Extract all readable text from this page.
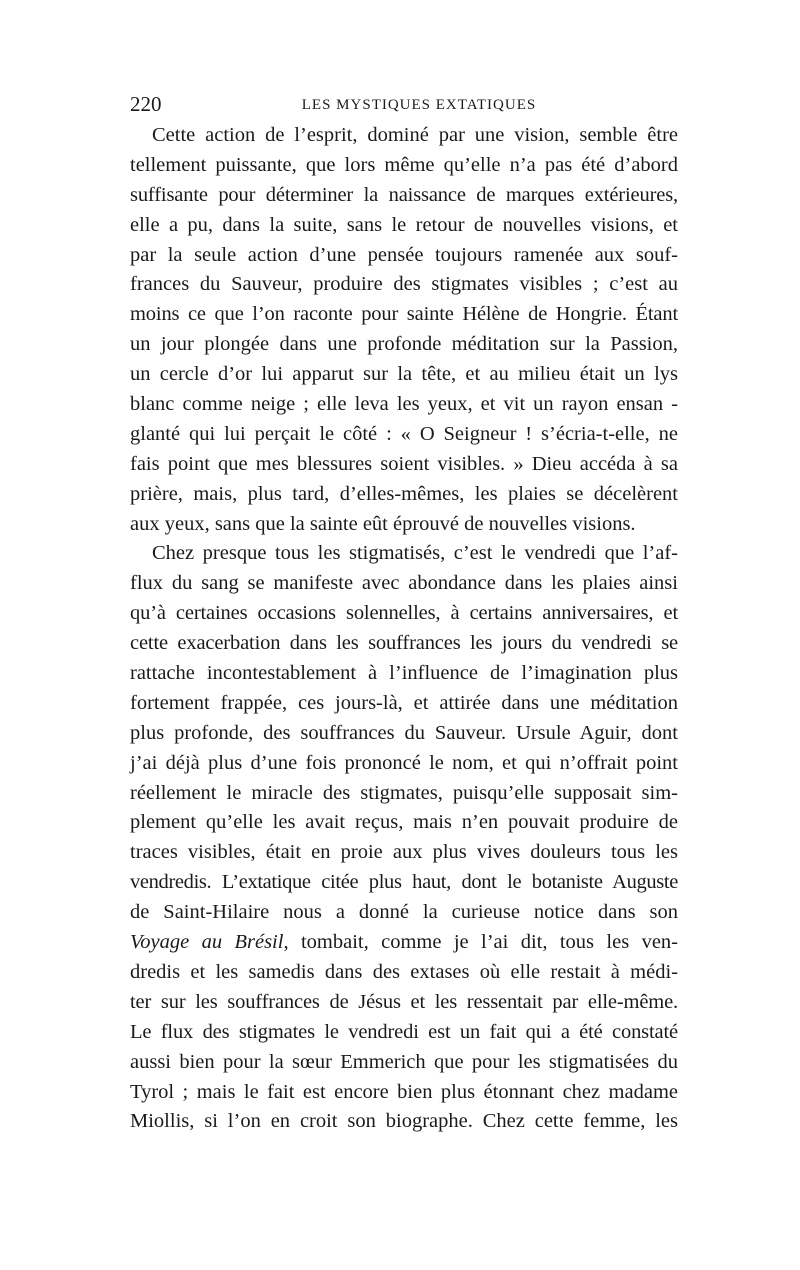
220	LES MYSTIQUES EXTATIQUES
Cette action de l’esprit, dominé par une vision, semble être
tellement puissante, que lors même qu’elle n’a pas été d’abord
suffisante pour déterminer la naissance de marques extérieures,
elle a pu, dans la suite, sans le retour de nouvelles visions, et
par la seule action d’une pensée toujours ramenée aux souf-
frances du Sauveur, produire des stigmates visibles ; c’est au
moins ce que l’on raconte pour sainte Hélène de Hongrie. Étant
un jour plongée dans une profonde méditation sur la Passion,
un cercle d’or lui apparut sur la tête, et au milieu était un lys
blanc comme neige ; elle leva les yeux, et vit un rayon ensan -
glanté qui lui perçait le côté : « O Seigneur ! s’écria-t-elle, ne
fais point que mes blessures soient visibles. » Dieu accéda à sa
prière, mais, plus tard, d’elles-mêmes, les plaies se décelèrent
aux yeux, sans que la sainte eût éprouvé de nouvelles visions.
Chez presque tous les stigmatisés, c’est le vendredi que l’af-
flux du sang se manifeste avec abondance dans les plaies ainsi
qu’à certaines occasions solennelles, à certains anniversaires, et
cette exacerbation dans les souffrances les jours du vendredi se
rattache incontestablement à l’influence de l’imagination plus
fortement frappée, ces jours-là, et attirée dans une méditation
plus profonde, des souffrances du Sauveur. Ursule Aguir, dont
j’ai déjà plus d’une fois prononcé le nom, et qui n’offrait point
réellement le miracle des stigmates, puisqu’elle supposait sim-
plement qu’elle les avait reçus, mais n’en pouvait produire de
traces visibles, était en proie aux plus vives douleurs tous les
vendredis. L’extatique citée plus haut, dont le botaniste Auguste
de Saint-Hilaire nous a donné la curieuse notice dans son
Voyage au Brésil, tombait, comme je l’ai dit, tous les ven-
dredis et les samedis dans des extases où elle restait à médi-
ter sur les souffrances de Jésus et les ressentait par elle-même.
Le flux des stigmates le vendredi est un fait qui a été constaté
aussi bien pour la sœur Emmerich que pour les stigmatisées du
Tyrol ; mais le fait est encore bien plus étonnant chez madame
Miollis, si l’on en croit son biographe. Chez cette femme, les
